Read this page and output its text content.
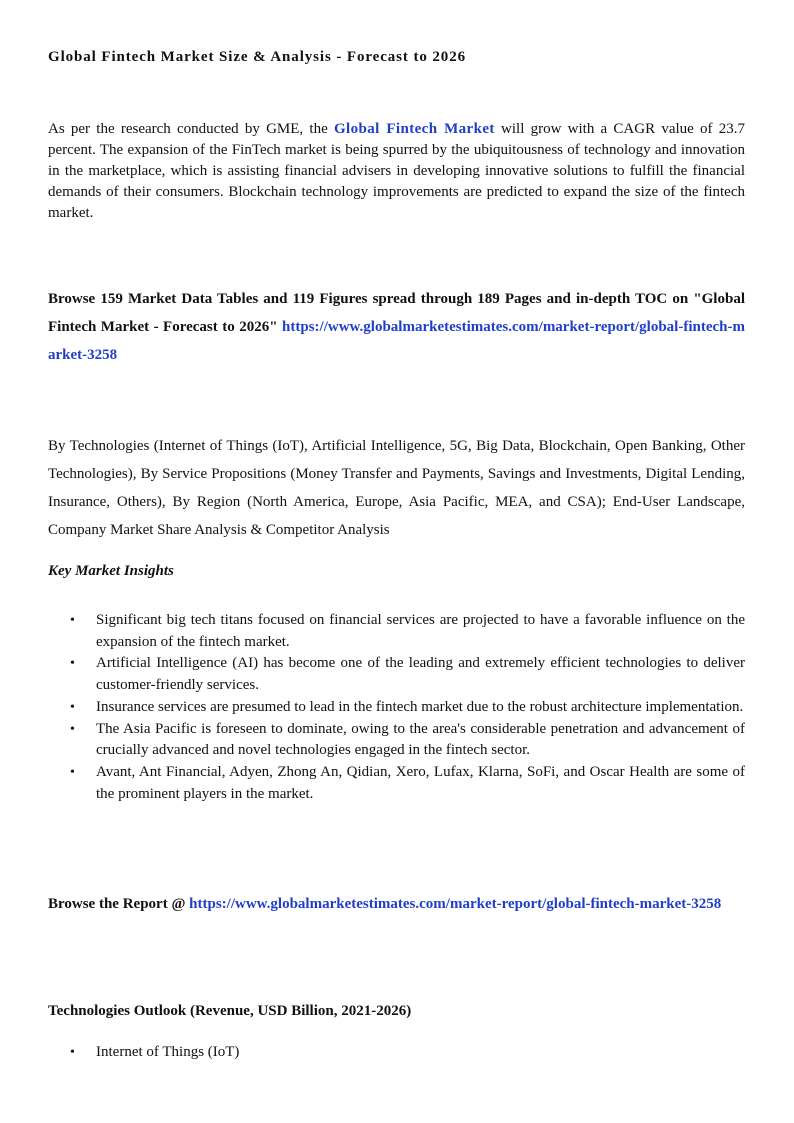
Global Fintech Market Size & Analysis - Forecast to 2026

As per the research conducted by GME, the Global Fintech Market will grow with a CAGR value of 23.7 percent. The expansion of the FinTech market is being spurred by the ubiquitousness of technology and innovation in the marketplace, which is assisting financial advisers in developing innovative solutions to fulfill the financial demands of their consumers. Blockchain technology improvements are predicted to expand the size of the fintech market.

Browse 159 Market Data Tables and 119 Figures spread through 189 Pages and in-depth TOC on "Global Fintech Market - Forecast to 2026" https://www.globalmarketestimates.com/market-report/global-fintech-market-3258

By Technologies (Internet of Things (IoT), Artificial Intelligence, 5G, Big Data, Blockchain, Open Banking, Other Technologies), By Service Propositions (Money Transfer and Payments, Savings and Investments, Digital Lending, Insurance, Others), By Region (North America, Europe, Asia Pacific, MEA, and CSA); End-User Landscape, Company Market Share Analysis & Competitor Analysis

Key Market Insights
• Significant big tech titans focused on financial services are projected to have a favorable influence on the expansion of the fintech market.
• Artificial Intelligence (AI) has become one of the leading and extremely efficient technologies to deliver customer-friendly services.
• Insurance services are presumed to lead in the fintech market due to the robust architecture implementation.
• The Asia Pacific is foreseen to dominate, owing to the area's considerable penetration and advancement of crucially advanced and novel technologies engaged in the fintech sector.
• Avant, Ant Financial, Adyen, Zhong An, Qidian, Xero, Lufax, Klarna, SoFi, and Oscar Health are some of the prominent players in the market.

Browse the Report @ https://www.globalmarketestimates.com/market-report/global-fintech-market-3258

Technologies Outlook (Revenue, USD Billion, 2021-2026)
• Internet of Things (IoT)
